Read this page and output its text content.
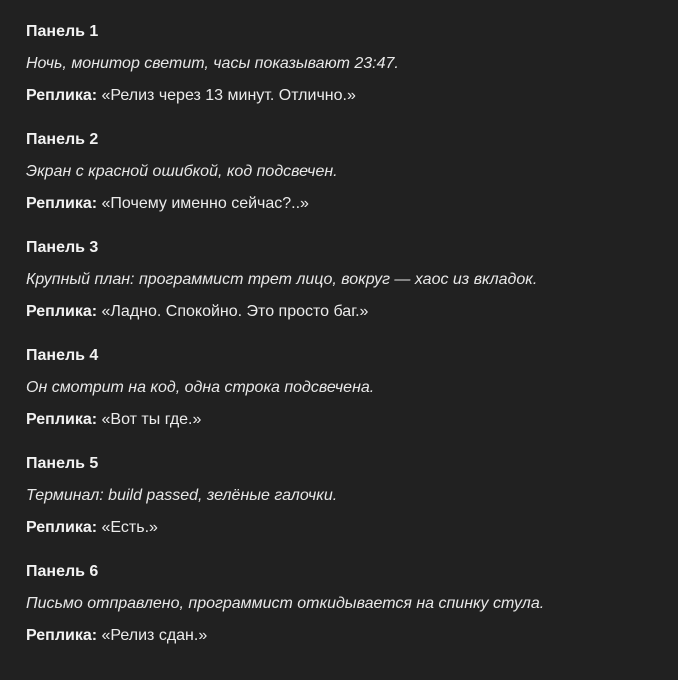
Панель 1
Ночь, монитор светит, часы показывают 23:47.
Реплика: «Релиз через 13 минут. Отлично.»
Панель 2
Экран с красной ошибкой, код подсвечен.
Реплика: «Почему именно сейчас?..»
Панель 3
Крупный план: программист трет лицо, вокруг — хаос из вкладок.
Реплика: «Ладно. Спокойно. Это просто баг.»
Панель 4
Он смотрит на код, одна строка подсвечена.
Реплика: «Вот ты где.»
Панель 5
Терминал: build passed, зелёные галочки.
Реплика: «Есть.»
Панель 6
Письмо отправлено, программист откидывается на спинку стула.
Реплика: «Релиз сдан.»
